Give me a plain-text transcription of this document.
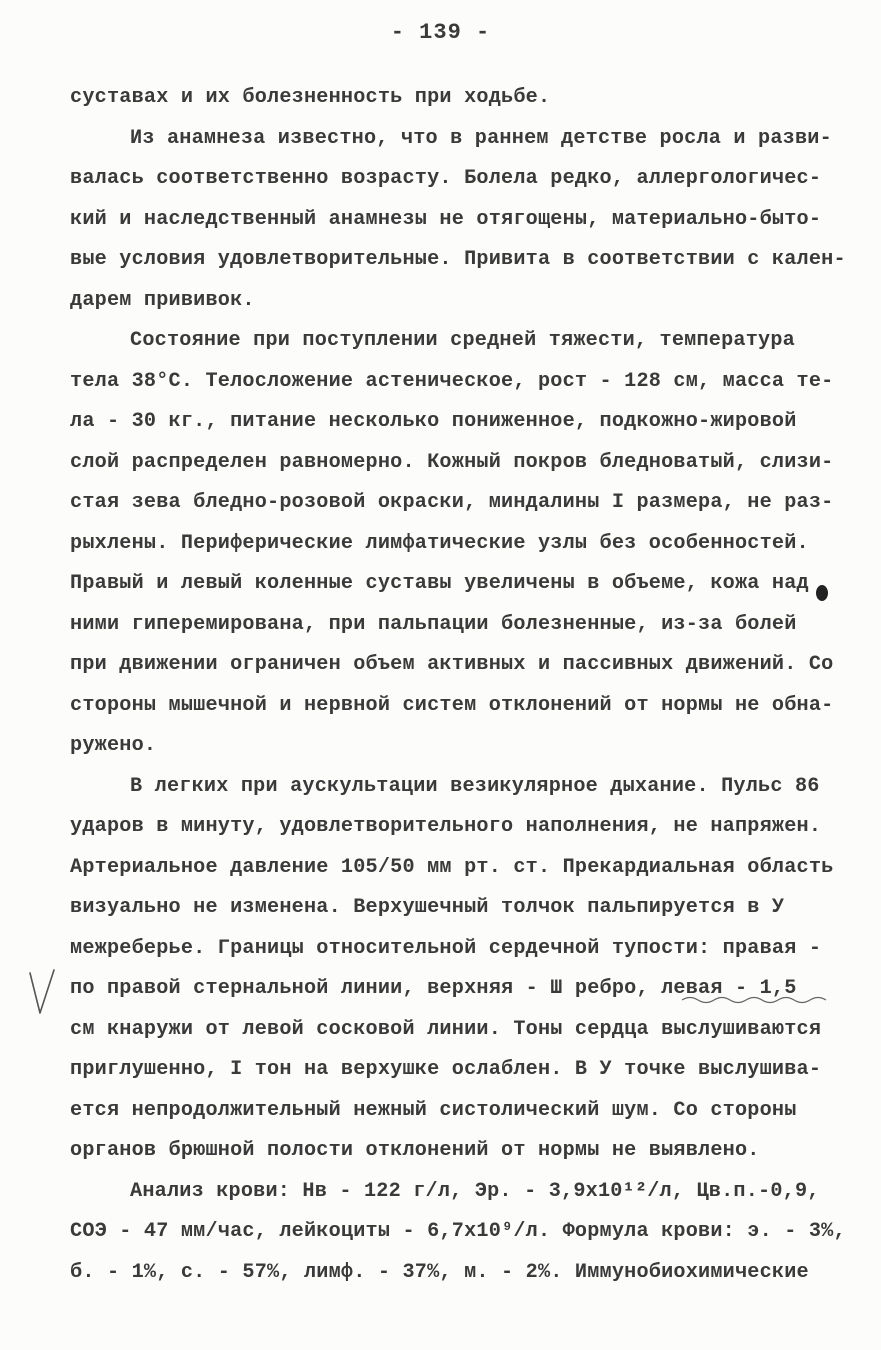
- 139 -
суставах и их болезненность при ходьбе.
Из анамнеза известно, что в раннем детстве росла и разви-
валась соответственно возрасту. Болела редко, аллергологичес-
кий и наследственный анамнезы не отягощены, материально-быто-
вые условия удовлетворительные. Привита в соответствии с кален-
дарем прививок.
Состояние при поступлении средней тяжести, температура
тела 38°С. Телосложение астеническое, рост - 128 см, масса те-
ла - 30 кг., питание несколько пониженное, подкожно-жировой
слой распределен равномерно. Кожный покров бледноватый, слизи-
стая зева бледно-розовой окраски, миндалины I размера, не раз-
рыхлены. Периферические лимфатические узлы без особенностей.
Правый и левый коленные суставы увеличены в объеме, кожа над
ними гиперемирована, при пальпации болезненные, из-за болей
при движении ограничен объем активных и пассивных движений. Со
стороны мышечной и нервной систем отклонений от нормы не обна-
ружено.
В легких при аускультации везикулярное дыхание. Пульс 86
ударов в минуту, удовлетворительного наполнения, не напряжен.
Артериальное давление 105/50 мм рт. ст. Прекардиальная область
визуально не изменена. Верхушечный толчок пальпируется в У
межреберье. Границы относительной сердечной тупости: правая -
по правой стернальной линии, верхняя - Ш ребро, левая - 1,5
см кнаружи от левой сосковой линии. Тоны сердца выслушиваются
приглушенно, I тон на верхушке ослаблен. В У точке выслушива-
ется непродолжительный нежный систолический шум. Со стороны
органов брюшной полости отклонений от нормы не выявлено.
Анализ крови: Нв - 122 г/л, Эр. - 3,9х10¹²/л, Цв.п.-0,9,
СОЭ - 47 мм/час, лейкоциты - 6,7х10⁹/л. Формула крови: э. - 3%,
б. - 1%, с. - 57%, лимф. - 37%, м. - 2%. Иммунобиохимические
